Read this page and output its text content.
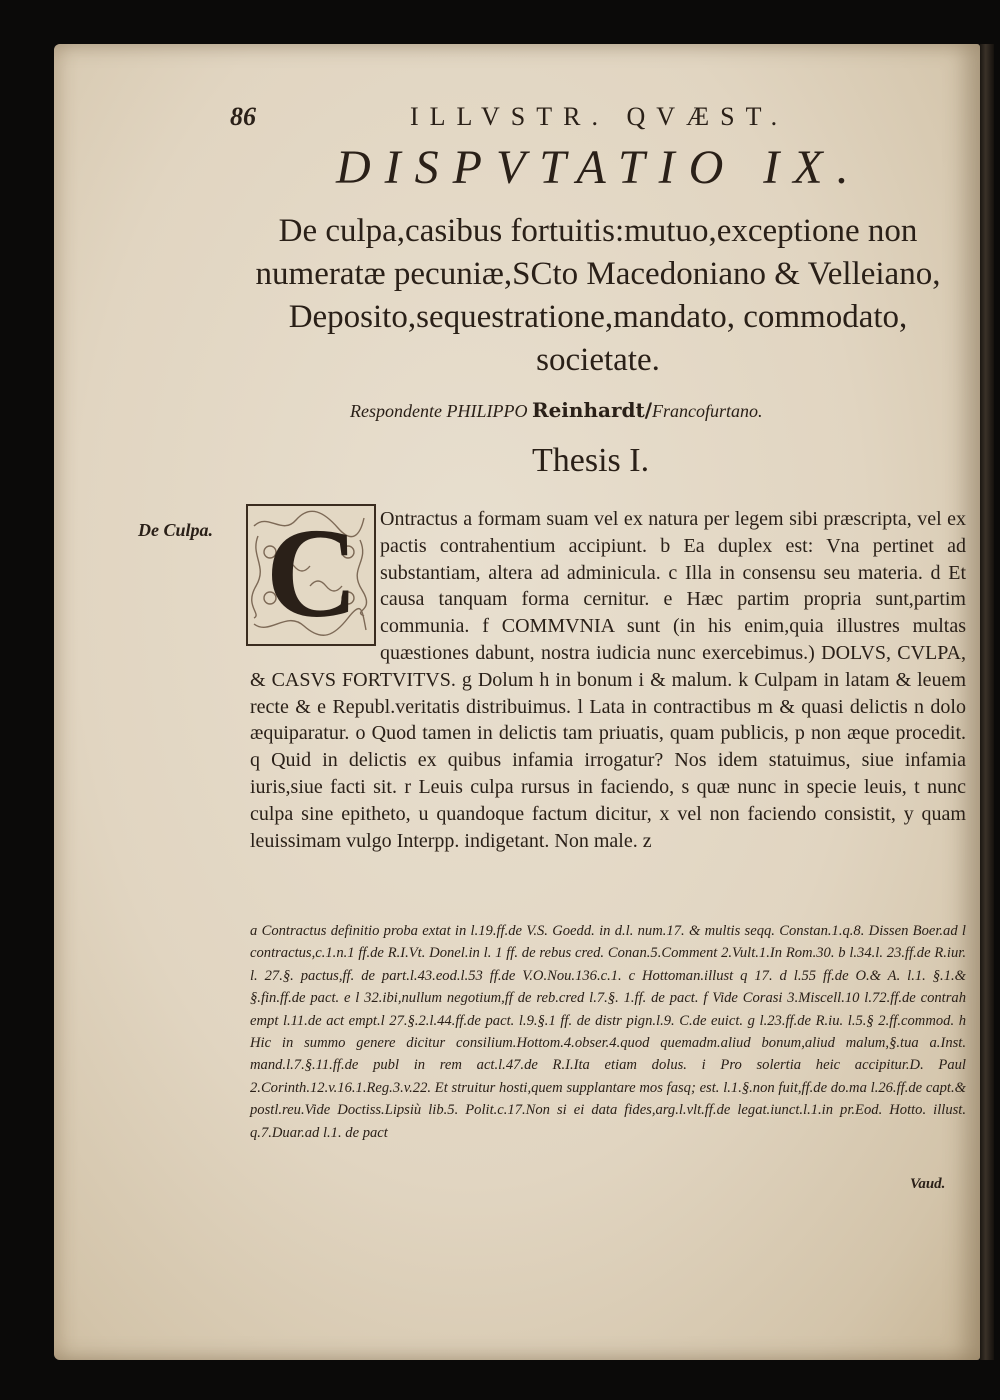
86	ILLVSTR. QVÆST.
DISPVTATIO IX.
De culpa,casibus fortuitis:mutuo,exceptione non numeratæ pecuniæ,SCto Macedoniano & Velleiano, Deposito,sequestratione,mandato, commodato, societate.
Respondente PHILIPPO Reinhardt/Francofurtano.
Thesis I.
De Culpa. C	Ontractus a formam suam vel ex natura per legem sibi præscripta, vel ex pactis contrahentium accipiunt. b Ea duplex est: Vna pertinet ad substantiam, altera ad adminicula. c Illa in consensu seu materia. d Et causa tanquam forma cernitur. e Hæc partim propria sunt,partim communia. f COMMVNIA sunt (in his enim,quia illustres multas quæstiones dabunt, nostra iudicia nunc exercebimus.) DOLVS, CVLPA, & CASVS FORTVITVS. g Dolum h in bonum i & malum. k Culpam in latam & leuem recte & e Republ.veritatis distribuimus. l Lata in contractibus m & quasi delictis n dolo æquiparatur. o Quod tamen in delictis tam priuatis, quam publicis, p non æque procedit. q Quid in delictis ex quibus infamia irrogatur? Nos idem statuimus, siue infamia iuris,siue facti sit. r Leuis culpa rursus in faciendo, s quæ nunc in specie leuis, t nunc culpa sine epitheto, u quandoque factum dicitur, x vel non faciendo consistit, y quam leuissimam vulgo Interpp. indigetant. Non male. z
a Contractus definitio proba extat in l.19.ff.de V.S. Goedd. in d.l. num.17. & multis seqq. Constan.1.q.8. Dissen Boer.ad l contractus,c.1.n.1 ff.de R.I.Vt. Donel.in l. 1 ff. de rebus cred. Conan.5.Comment 2.Vult.1.In Rom.30. b l.34.l. 23.ff.de R.iur. l. 27.§. pactus,ff. de part.l.43.eod.l.53 ff.de V.O.Nou.136.c.1. c Hottoman.illust q 17. d l.55 ff.de O.& A. l.1. §.1.& §.fin.ff.de pact. e l 32.ibi,nullum negotium,ff de reb.cred l.7.§. 1.ff. de pact. f Vide Corasi 3.Miscell.10 l.72.ff.de contrah empt l.11.de act empt.l 27.§.2.l.44.ff.de pact. l.9.§.1 ff. de distr pign.l.9. C.de euict. g l.23.ff.de R.iu. l.5.§ 2.ff.commod. h Hic in summo genere dicitur consilium.Hottom.4.obser.4.quod quemadm.aliud bonum,aliud malum,§.tua a.Inst. mand.l.7.§.11.ff.de publ in rem act.l.47.de R.I.Ita etiam dolus. i Pro solertia heic accipitur.D. Paul 2.Corinth.12.v.16.1.Reg.3.v.22. Et struitur hosti,quem supplantare mos fasq; est. l.1.§.non fuit,ff.de do.ma l.26.ff.de capt.& postl.reu.Vide Doctiss.Lipsiù lib.5. Polit.c.17.Non si ei data fides,arg.l.vlt.ff.de legat.iunct.l.1.in pr.Eod. Hotto. illust. q.7.Duar.ad l.1. de pact
Vaud.
